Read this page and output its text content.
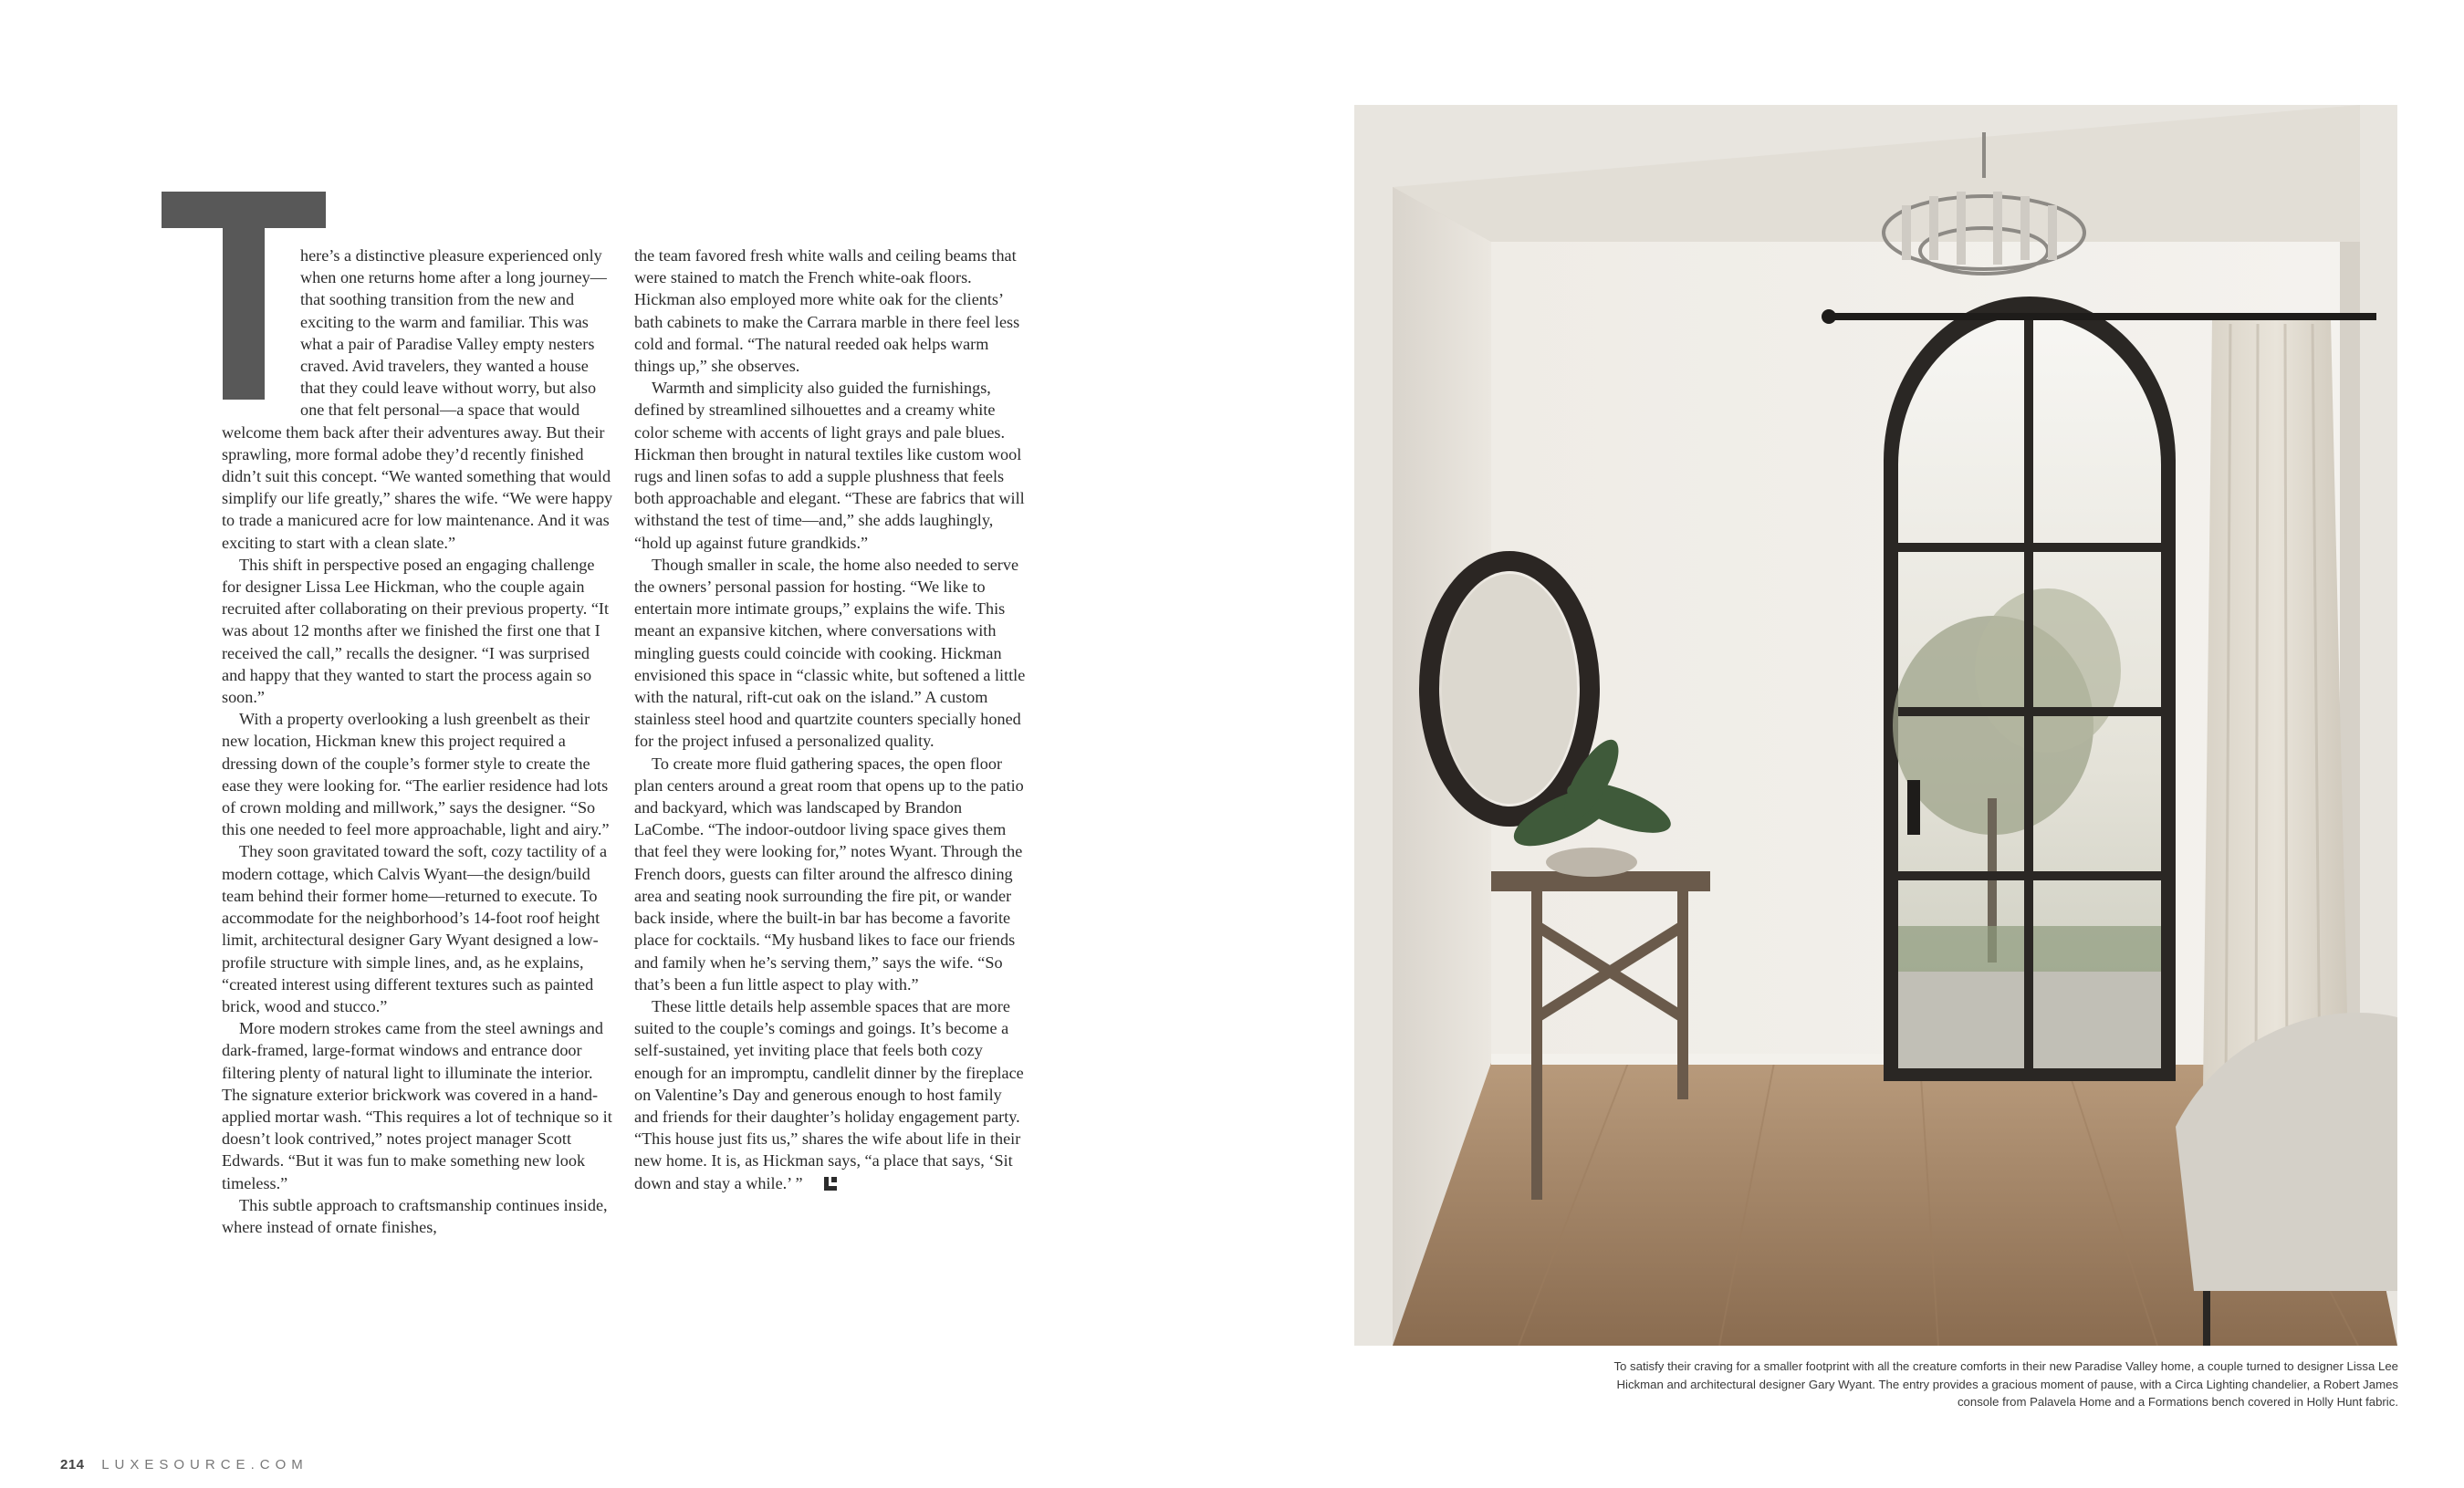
here’s a distinctive pleasure experienced only when one returns home after a long journey—that soothing transition from the new and exciting to the warm and familiar. This was what a pair of Paradise Valley empty nesters craved. Avid travelers, they wanted a house that they could leave without worry, but also one that felt personal—a space that would welcome them back after their adventures away. But their sprawling, more formal adobe they’d recently finished didn’t suit this concept. “We wanted something that would simplify our life greatly,” shares the wife. “We were happy to trade a manicured acre for low maintenance. And it was exciting to start with a clean slate.”

This shift in perspective posed an engaging challenge for designer Lissa Lee Hickman, who the couple again recruited after collaborating on their previous property. “It was about 12 months after we finished the first one that I received the call,” recalls the designer. “I was surprised and happy that they wanted to start the process again so soon.”

With a property overlooking a lush greenbelt as their new location, Hickman knew this project required a dressing down of the couple’s former style to create the ease they were looking for. “The earlier residence had lots of crown molding and millwork,” says the designer. “So this one needed to feel more approachable, light and airy.”

They soon gravitated toward the soft, cozy tactility of a modern cottage, which Calvis Wyant—the design/build team behind their former home—returned to execute. To accommodate for the neighborhood’s 14-foot roof height limit, architectural designer Gary Wyant designed a low-profile structure with simple lines, and, as he explains, “created interest using different textures such as painted brick, wood and stucco.”

More modern strokes came from the steel awnings and dark-framed, large-format windows and entrance door filtering plenty of natural light to illuminate the interior. The signature exterior brickwork was covered in a hand-applied mortar wash. “This requires a lot of technique so it doesn’t look contrived,” notes project manager Scott Edwards. “But it was fun to make something new look timeless.”

This subtle approach to craftsmanship continues inside, where instead of ornate finishes,

the team favored fresh white walls and ceiling beams that were stained to match the French white-oak floors. Hickman also employed more white oak for the clients’ bath cabinets to make the Carrara marble in there feel less cold and formal. “The natural reeded oak helps warm things up,” she observes.

Warmth and simplicity also guided the furnishings, defined by streamlined silhouettes and a creamy white color scheme with accents of light grays and pale blues. Hickman then brought in natural textiles like custom wool rugs and linen sofas to add a supple plushness that feels both approachable and elegant. “These are fabrics that will withstand the test of time—and,” she adds laughingly, “hold up against future grandkids.”

Though smaller in scale, the home also needed to serve the owners’ personal passion for hosting. “We like to entertain more intimate groups,” explains the wife. This meant an expansive kitchen, where conversations with mingling guests could coincide with cooking. Hickman envisioned this space in “classic white, but softened a little with the natural, rift-cut oak on the island.” A custom stainless steel hood and quartzite counters specially honed for the project infused a personalized quality.

To create more fluid gathering spaces, the open floor plan centers around a great room that opens up to the patio and backyard, which was landscaped by Brandon LaCombe. “The indoor-outdoor living space gives them that feel they were looking for,” notes Wyant. Through the French doors, guests can filter around the alfresco dining area and seating nook surrounding the fire pit, or wander back inside, where the built-in bar has become a favorite place for cocktails. “My husband likes to face our friends and family when he’s serving them,” says the wife. “So that’s been a fun little aspect to play with.”

These little details help assemble spaces that are more suited to the couple’s comings and goings. It’s become a self-sustained, yet inviting place that feels both cozy enough for an impromptu, candlelit dinner by the fireplace on Valentine’s Day and generous enough to host family and friends for their daughter’s holiday engagement party. “This house just fits us,” shares the wife about life in their new home. It is, as Hickman says, “a place that says, ‘Sit down and stay a while.’ ”

To satisfy their craving for a smaller footprint with all the creature comforts in their new Paradise Valley home, a couple turned to designer Lissa Lee Hickman and architectural designer Gary Wyant. The entry provides a gracious moment of pause, with a Circa Lighting chandelier, a Robert James console from Palavela Home and a Formations bench covered in Holly Hunt fabric.
214 LUXESOURCE.COM
